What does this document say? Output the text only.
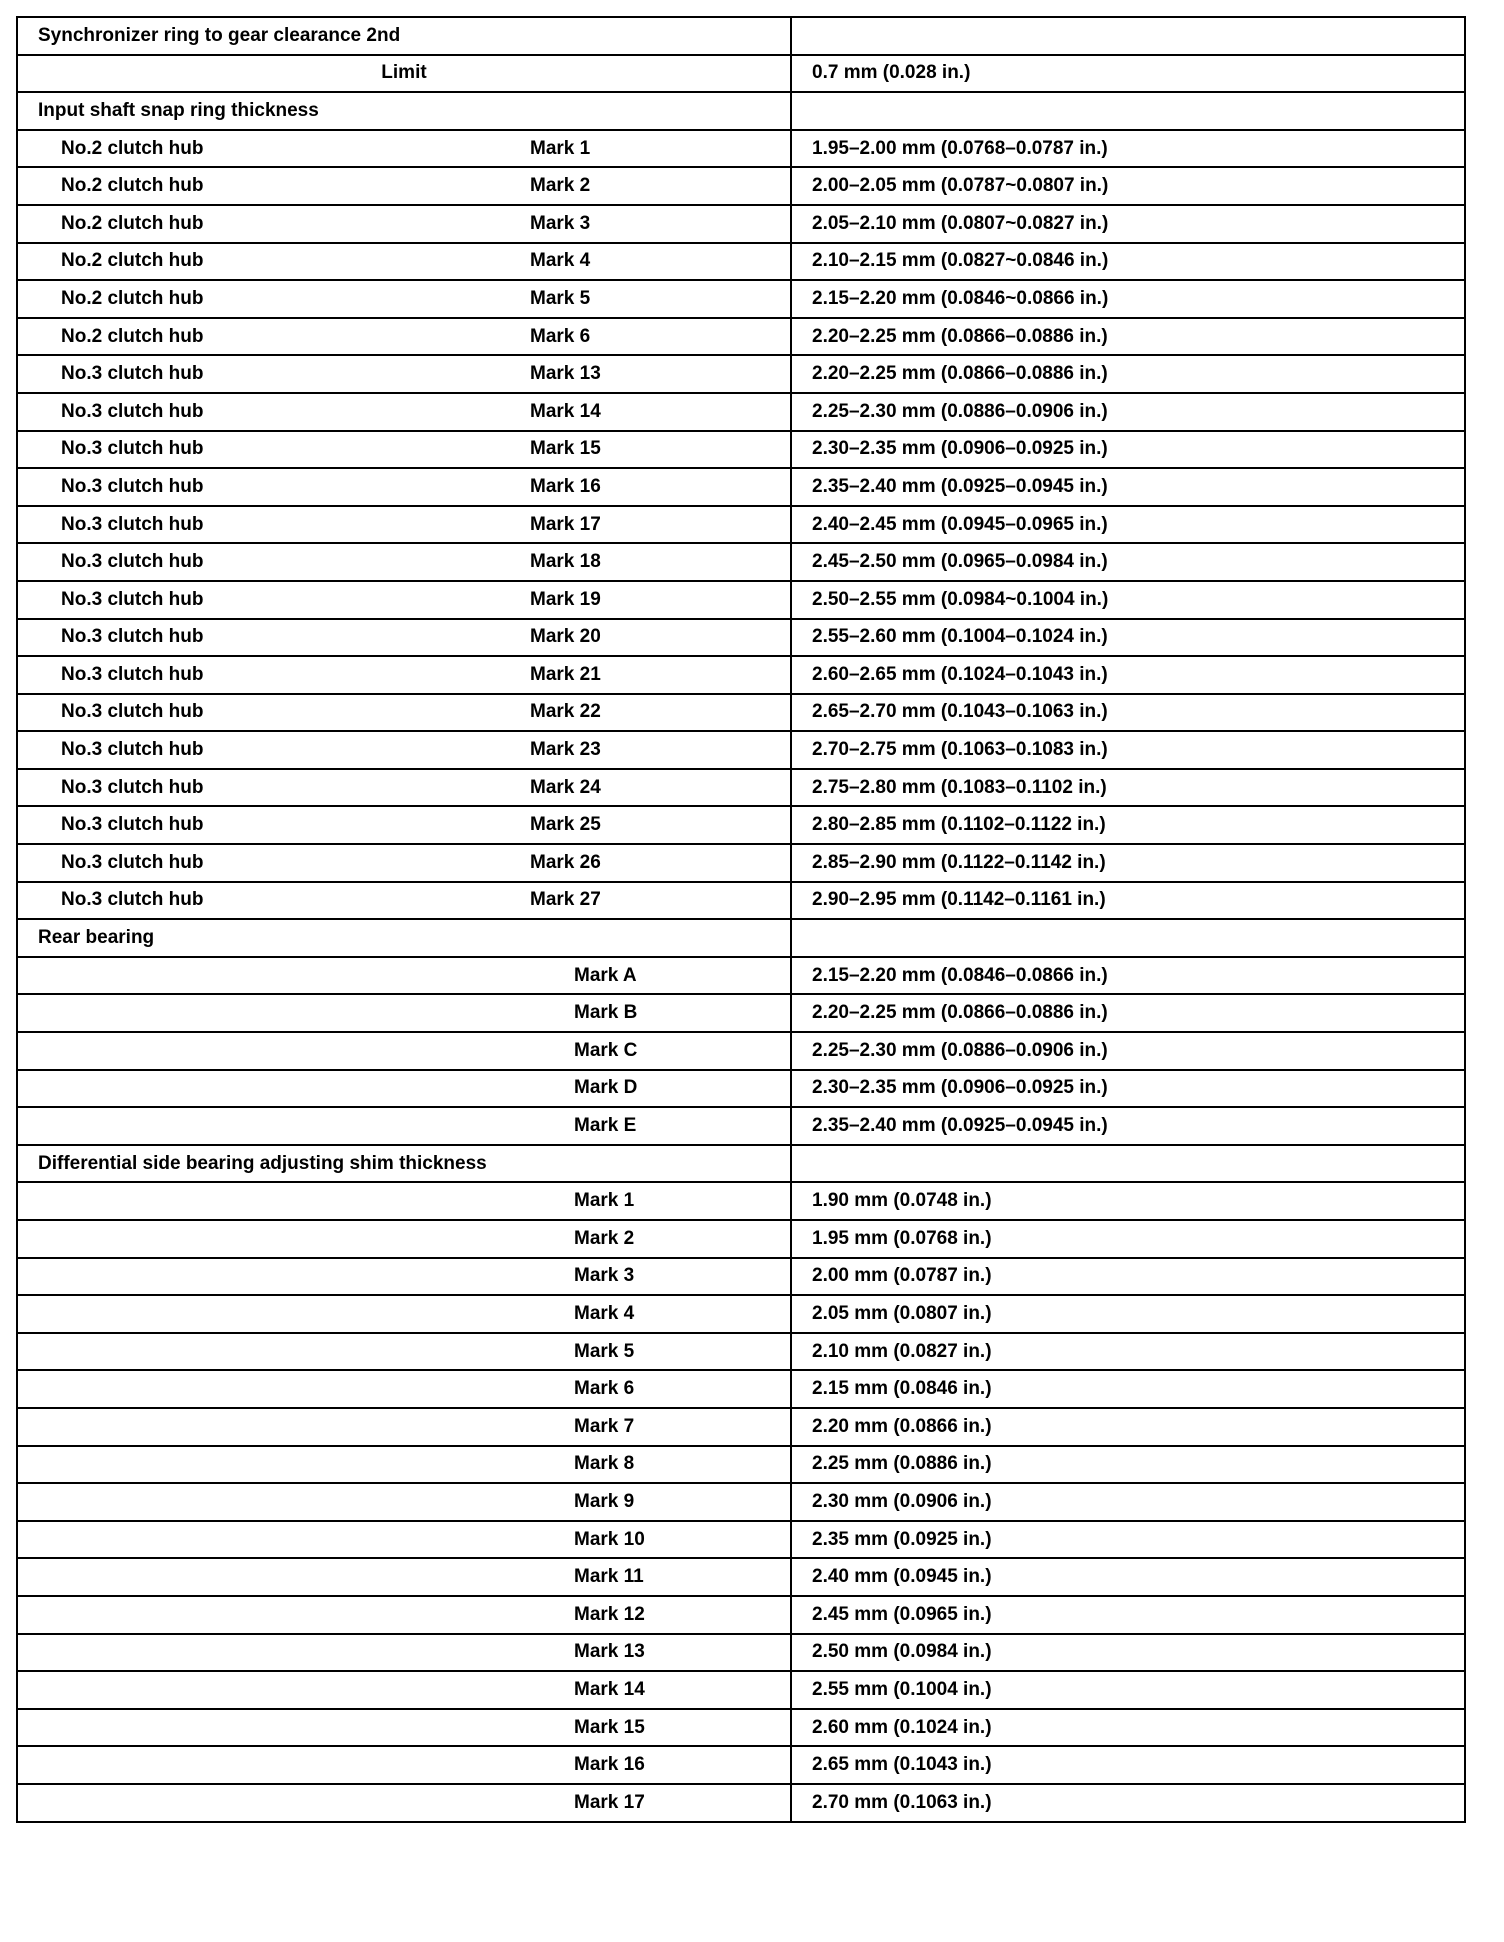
Synchronizer ring to gear clearance 2nd	

Limit	0.7 mm (0.028 in.)

Input shaft snap ring thickness	

No.2 clutch hub Mark 1	1.95–2.00 mm (0.0768–0.0787 in.)

No.2 clutch hub Mark 2	2.00–2.05 mm (0.0787~0.0807 in.)

No.2 clutch hub Mark 3	2.05–2.10 mm (0.0807~0.0827 in.)

No.2 clutch hub Mark 4	2.10–2.15 mm (0.0827~0.0846 in.)

No.2 clutch hub Mark 5	2.15–2.20 mm (0.0846~0.0866 in.)

No.2 clutch hub Mark 6	2.20–2.25 mm (0.0866–0.0886 in.)

No.3 clutch hub Mark 13	2.20–2.25 mm (0.0866–0.0886 in.)

No.3 clutch hub Mark 14	2.25–2.30 mm (0.0886–0.0906 in.)

No.3 clutch hub Mark 15	2.30–2.35 mm (0.0906–0.0925 in.)

No.3 clutch hub Mark 16	2.35–2.40 mm (0.0925–0.0945 in.)

No.3 clutch hub Mark 17	2.40–2.45 mm (0.0945–0.0965 in.)

No.3 clutch hub Mark 18	2.45–2.50 mm (0.0965–0.0984 in.)

No.3 clutch hub Mark 19	2.50–2.55 mm (0.0984~0.1004 in.)

No.3 clutch hub Mark 20	2.55–2.60 mm (0.1004–0.1024 in.)

No.3 clutch hub Mark 21	2.60–2.65 mm (0.1024–0.1043 in.)

No.3 clutch hub Mark 22	2.65–2.70 mm (0.1043–0.1063 in.)

No.3 clutch hub Mark 23	2.70–2.75 mm (0.1063–0.1083 in.)

No.3 clutch hub Mark 24	2.75–2.80 mm (0.1083–0.1102 in.)

No.3 clutch hub Mark 25	2.80–2.85 mm (0.1102–0.1122 in.)

No.3 clutch hub Mark 26	2.85–2.90 mm (0.1122–0.1142 in.)

No.3 clutch hub Mark 27	2.90–2.95 mm (0.1142–0.1161 in.)

Rear bearing	

Mark A	2.15–2.20 mm (0.0846–0.0866 in.)

Mark B	2.20–2.25 mm (0.0866–0.0886 in.)

Mark C	2.25–2.30 mm (0.0886–0.0906 in.)

Mark D	2.30–2.35 mm (0.0906–0.0925 in.)

Mark E	2.35–2.40 mm (0.0925–0.0945 in.)

Differential side bearing adjusting shim thickness	

Mark 1	1.90 mm (0.0748 in.)

Mark 2	1.95 mm (0.0768 in.)

Mark 3	2.00 mm (0.0787 in.)

Mark 4	2.05 mm (0.0807 in.)

Mark 5	2.10 mm (0.0827 in.)

Mark 6	2.15 mm (0.0846 in.)

Mark 7	2.20 mm (0.0866 in.)

Mark 8	2.25 mm (0.0886 in.)

Mark 9	2.30 mm (0.0906 in.)

Mark 10	2.35 mm (0.0925 in.)

Mark 11	2.40 mm (0.0945 in.)

Mark 12	2.45 mm (0.0965 in.)

Mark 13	2.50 mm (0.0984 in.)

Mark 14	2.55 mm (0.1004 in.)

Mark 15	2.60 mm (0.1024 in.)

Mark 16	2.65 mm (0.1043 in.)

Mark 17	2.70 mm (0.1063 in.)
